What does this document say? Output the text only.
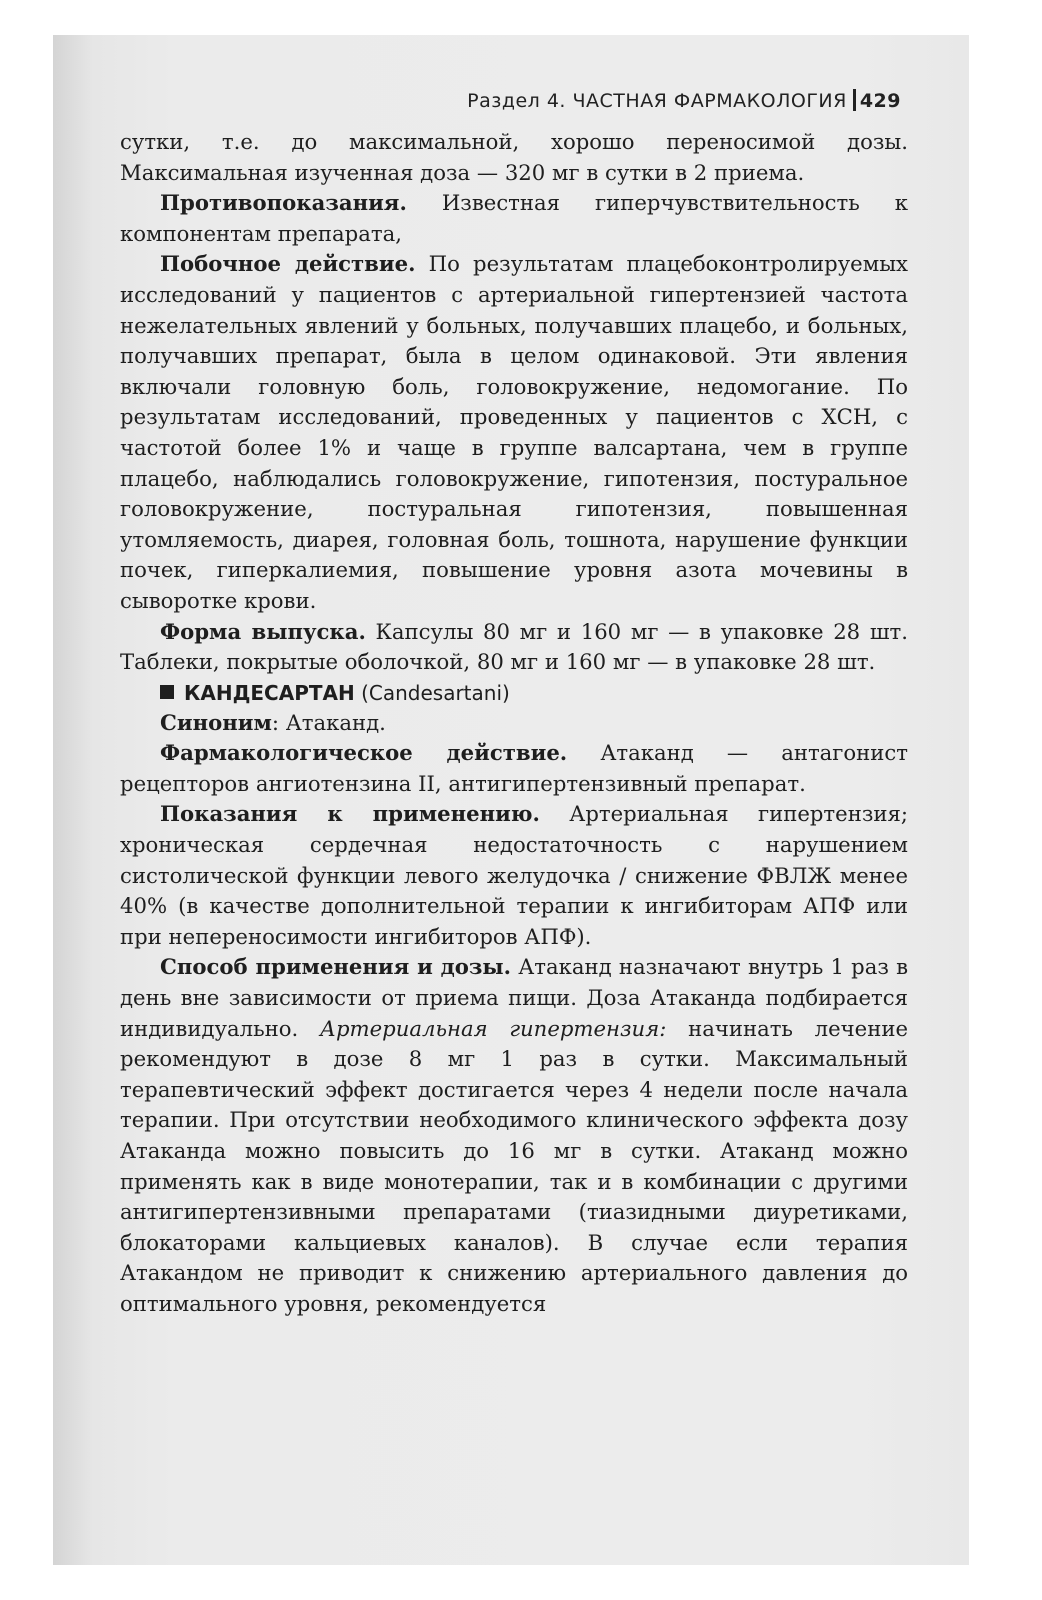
Раздел 4. ЧАСТНАЯ ФАРМАКОЛОГИЯ 429

сутки, т.е. до максимальной, хорошо переносимой дозы. Максимальная изученная доза — 320 мг в сутки в 2 приема.

Противопоказания. Известная гиперчувствительность к компонентам препарата,

Побочное действие. По результатам плацебоконтролируемых исследований у пациентов с артериальной гипертензией частота нежелательных явлений у больных, получавших плацебо, и больных, получавших препарат, была в целом одинаковой. Эти явления включали головную боль, головокружение, недомогание. По результатам исследований, проведенных у пациентов с ХСН, с частотой более 1% и чаще в группе валсартана, чем в группе плацебо, наблюдались головокружение, гипотензия, постуральное головокружение, постуральная гипотензия, повышенная утомляемость, диарея, головная боль, тошнота, нарушение функции почек, гиперкалиемия, повышение уровня азота мочевины в сыворотке крови.

Форма выпуска. Капсулы 80 мг и 160 мг — в упаковке 28 шт. Таблеки, покрытые оболочкой, 80 мг и 160 мг — в упаковке 28 шт.

КАНДЕСАРТАН (Candesartani)

Синоним: Атаканд.

Фармакологическое действие. Атаканд — антагонист рецепторов ангиотензина II, антигипертензивный препарат.

Показания к применению. Артериальная гипертензия; хроническая сердечная недостаточность с нарушением систолической функции левого желудочка / снижение ФВЛЖ менее 40% (в качестве дополнительной терапии к ингибиторам АПФ или при непереносимости ингибиторов АПФ).

Способ применения и дозы. Атаканд назначают внутрь 1 раз в день вне зависимости от приема пищи. Доза Атаканда подбирается индивидуально. Артериальная гипертензия: начинать лечение рекомендуют в дозе 8 мг 1 раз в сутки. Максимальный терапевтический эффект достигается через 4 недели после начала терапии. При отсутствии необходимого клинического эффекта дозу Атаканда можно повысить до 16 мг в сутки. Атаканд можно применять как в виде монотерапии, так и в комбинации с другими антигипертензивными препаратами (тиазидными диуретиками, блокаторами кальциевых каналов). В случае если терапия Атакандом не приводит к снижению артериального давления до оптимального уровня, рекомендуется
